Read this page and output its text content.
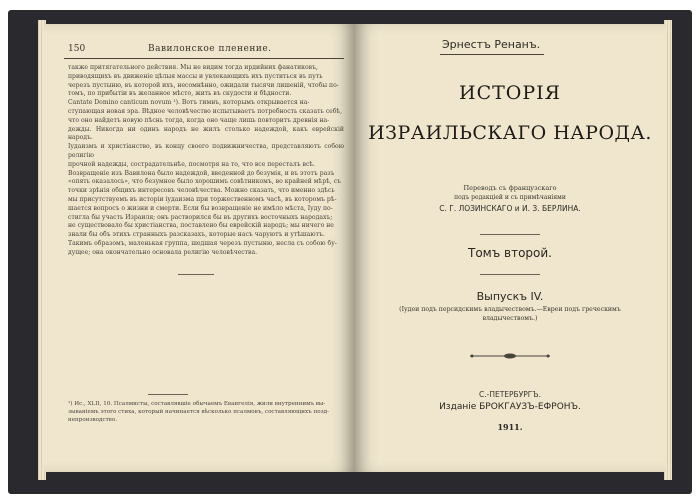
150	Вавилонское пленение.

также притягательного действия. Мы не видим тогда ирдийних фанатиковъ,

приводящихъ въ движеніе цѣлыя массы и увлекающихъ ихъ пуститься въ путь

черезъ пустыню, въ которой ихъ, несомнѣнно, ожидали тысячи лишеній, чтобы по-

томъ, по прибытіи въ желанное мѣсто, жить въ скудости и бѣдности.

Cantate Domino canticum novum ¹). Вотъ гимнъ, которымъ открывается на-

ступающая новая эра. Вѣдное человѣчество испытываетъ потребность сказать себѣ,

что оно найдетъ новую пѣснь тогда, когда оно чаще лишь повторитъ древнія на-

дежды. Никогда ни одинъ народъ не жилъ столько надеждой, какъ еврейскій народъ.

Іудаизмъ и христіанство, въ концу своего подвижничества, представляютъ собою религію

прочной надежды, сострадательнѣе, посмотря на то, что все пересталъ всѣ.

Возвращеніе изъ Вавилона было надеждой, введенной до безумія, и въ этотъ разъ

«опять оказалось», что безумное было хорошимъ совѣтникомъ, во крайней мѣрѣ, съ

точки зрѣнія общихъ интересовъ человѣчества. Можно сказать, что именно здѣсь

мы присутствуемъ въ исторіи іудаизма при торжественномъ часѣ, въ которомъ рѣ-

шается вопросъ о жизни и смерти. Если бы возвращеніе не имѣло мѣста, Іуду по-

стигла бы участь Израиля; онъ растворился бы въ другихъ восточныхъ народахъ;

не существовало бы христіанства, поставлено бы еврейскій народъ; мы ничего не

знали бы объ этихъ странныхъ разсказахъ, которые насъ чаруютъ и утѣшаютъ.

Такимъ образомъ, маленькая группа, шедшая черезъ пустыню, несла съ собою бу-

дущее; она окончательно основала религію человѣчества.

¹) Ис., XLII, 10. Псалмисты, составлявшіе обычаемъ Евангелія, жили внутреннимъ вы-
зываніемъ этого стиха, который начинается вѣсколько псалмовъ, составляющихъ позд-
непроизводство.
Эрнестъ Ренанъ.
ИСТОРІЯ
ИЗРАИЛЬСКАГО НАРОДА.
Переводъ съ французскаго
подъ редакціей и съ примѣчаніями
С. Г. ЛОЗИНСКАГО и И. З. БЕРЛИНА.
Томъ второй.
Выпускъ IV.
(Іудеи подъ персидскимъ владычествомъ.—Евреи подъ греческимъ
владычествомъ.)
С.-ПЕТЕРБУРГЪ.
Изданіе БРОКГАУЗЪ-ЕФРОНЪ.
1911.
